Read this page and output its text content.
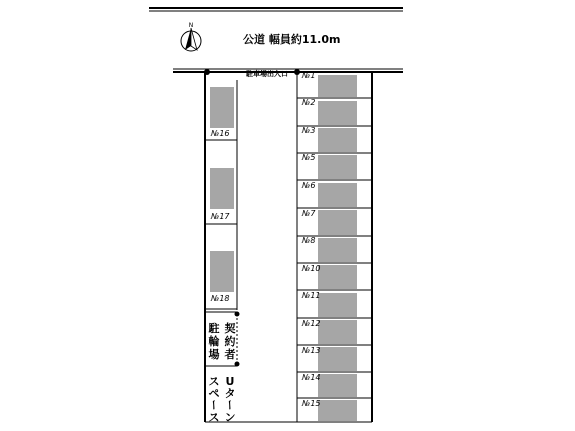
N
公道 幅員約11.0m
駐車場出入口 №1
№2
№3
№5
№6
№7
№8
№10
№11
№12
№13
№14
№15
№16
№17
№18
契
約
者
駐
輪
場
U
タ
ー
ン
ス
ペ
ー
ス
